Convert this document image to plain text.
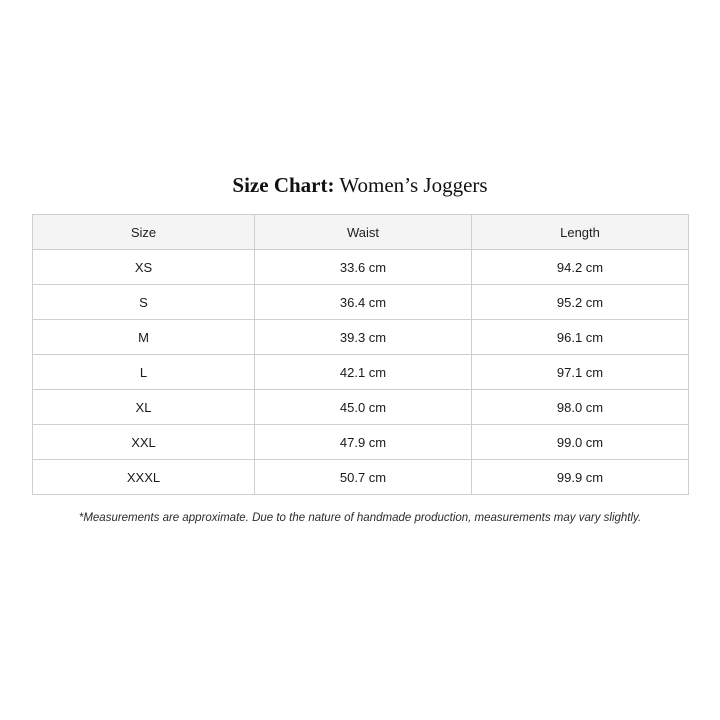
Size Chart: Women’s Joggers
Size	Waist	Length
XS	33.6 cm	94.2 cm
S	36.4 cm	95.2 cm
M	39.3 cm	96.1 cm
L	42.1 cm	97.1 cm
XL	45.0 cm	98.0 cm
XXL	47.9 cm	99.0 cm
XXXL	50.7 cm	99.9 cm
*Measurements are approximate. Due to the nature of handmade production, measurements may vary slightly.
